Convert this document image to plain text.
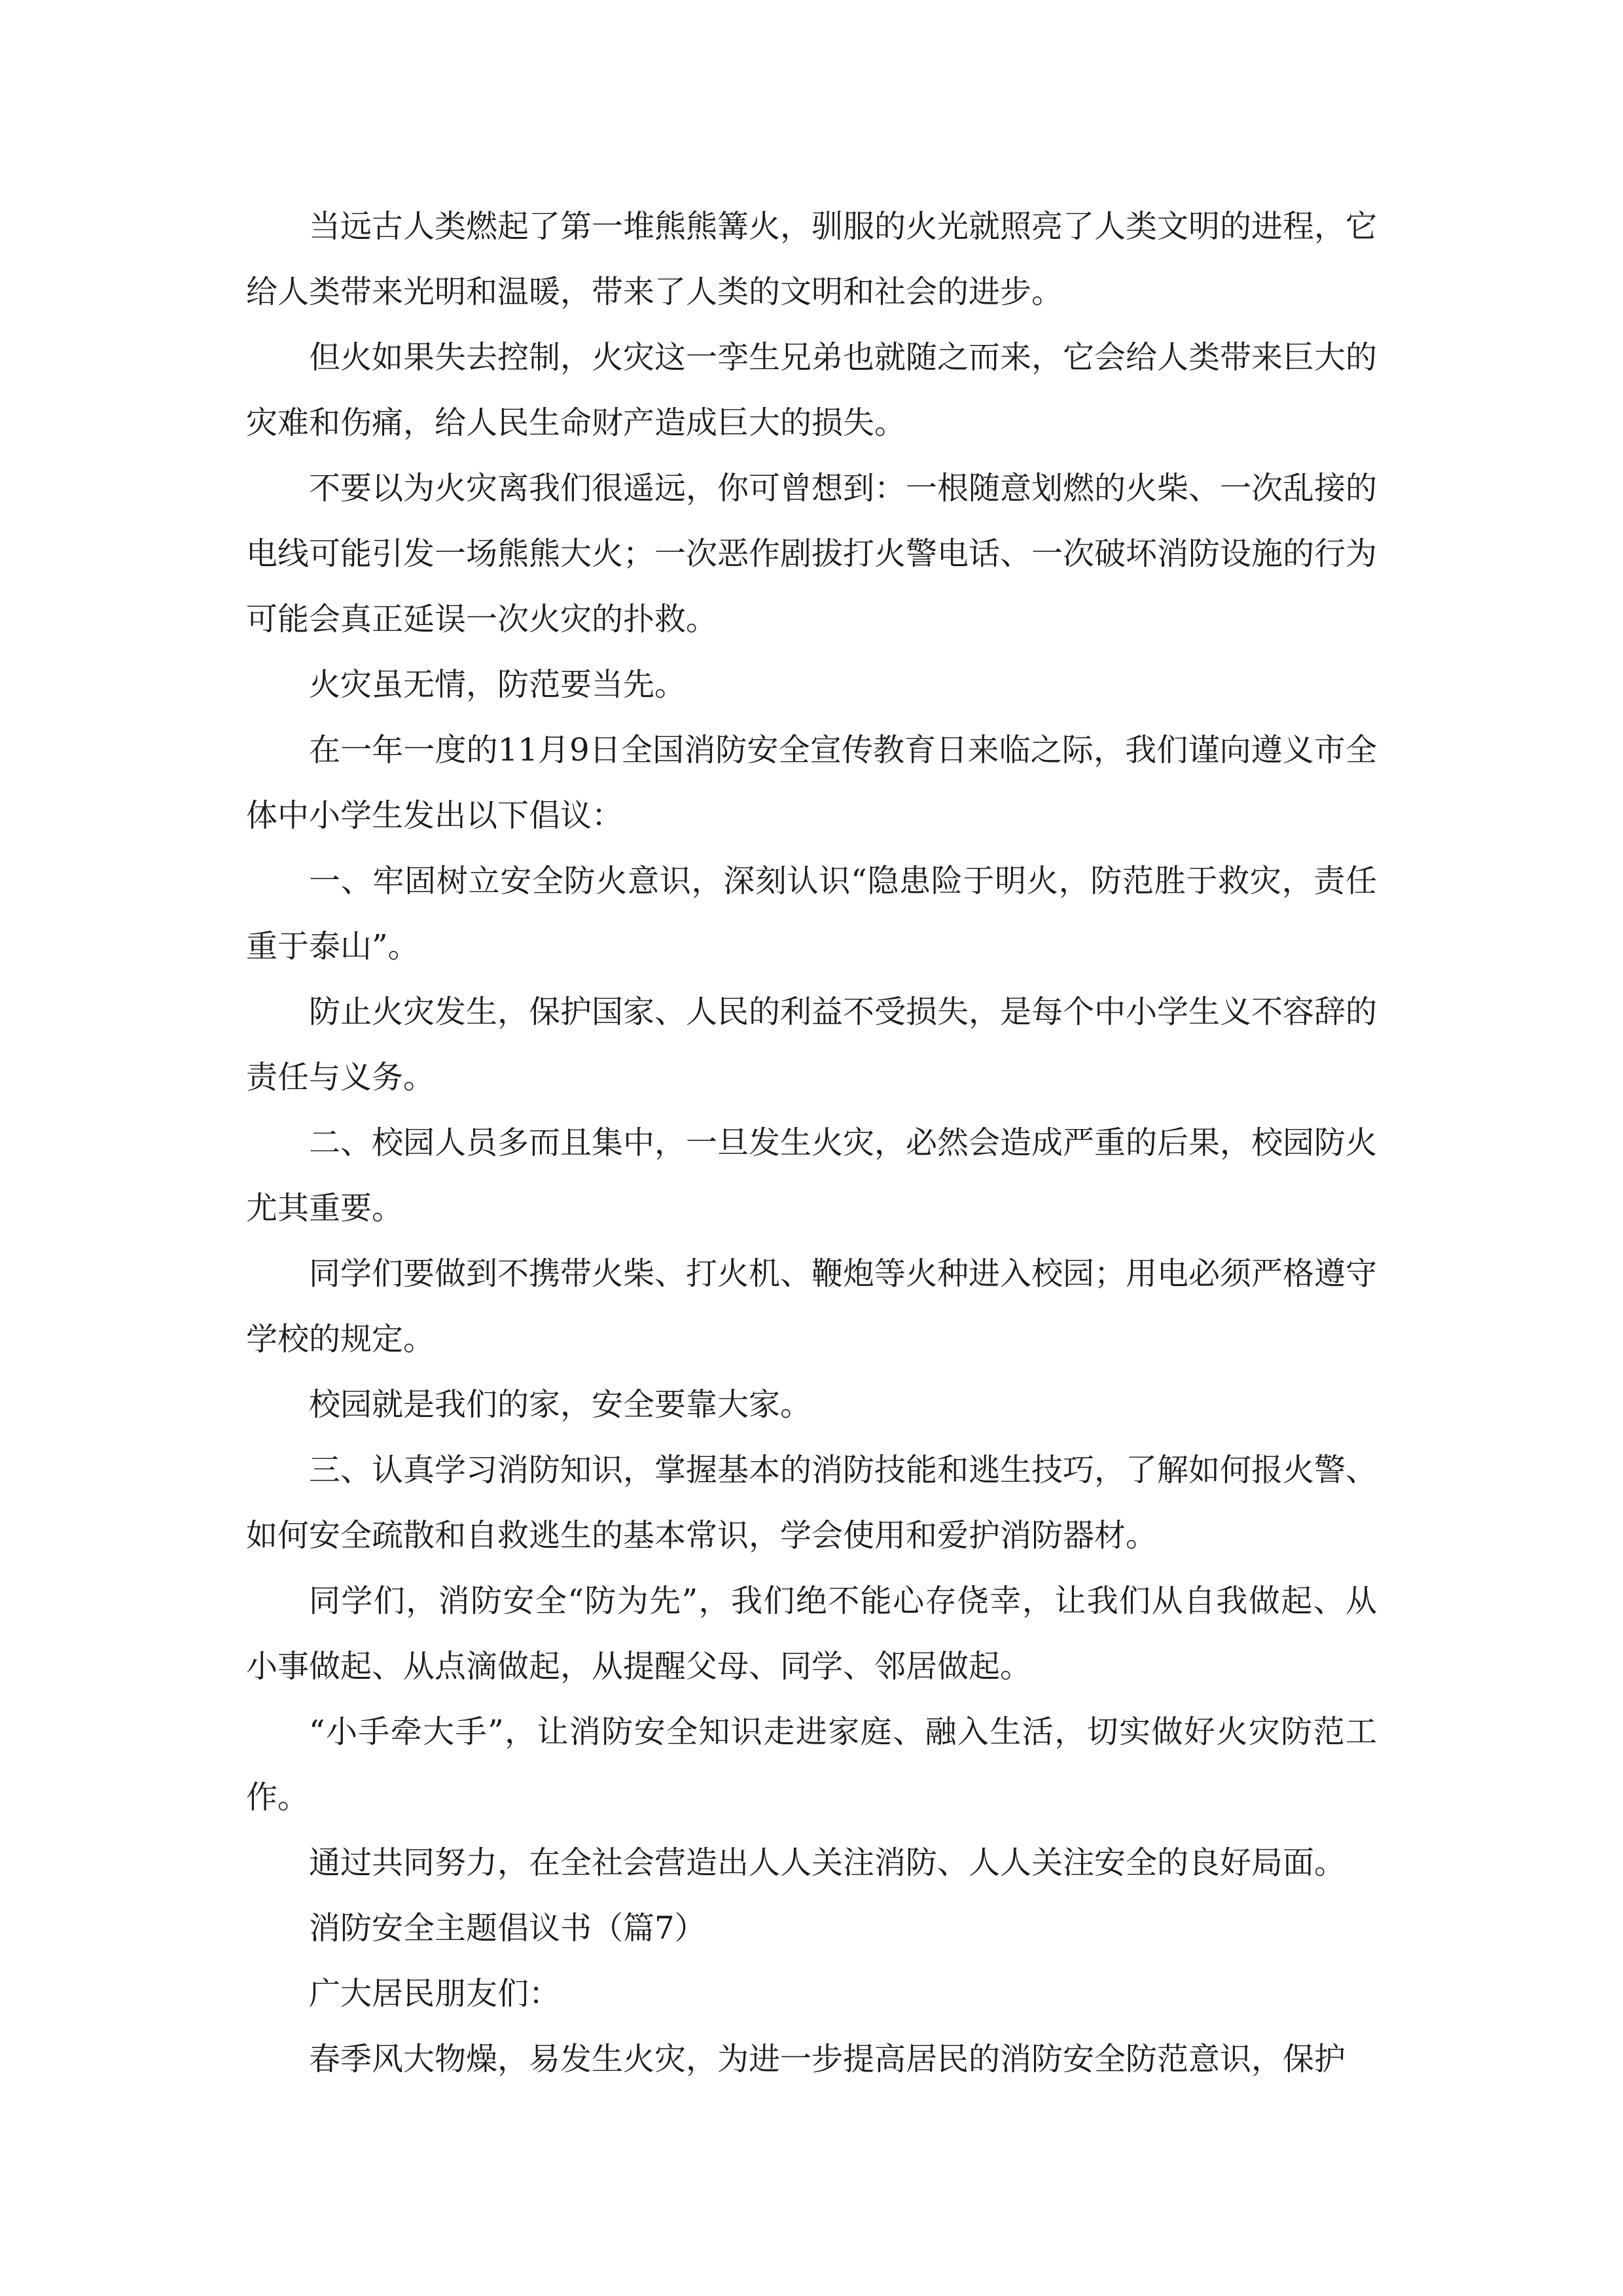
当远古人类燃起了第一堆熊熊篝火，驯服的火光就照亮了人类文明的进程，它给人类带来光明和温暖，带来了人类的文明和社会的进步。

但火如果失去控制，火灾这一孪生兄弟也就随之而来，它会给人类带来巨大的灾难和伤痛，给人民生命财产造成巨大的损失。

不要以为火灾离我们很遥远，你可曾想到：一根随意划燃的火柴、一次乱接的电线可能引发一场熊熊大火；一次恶作剧拔打火警电话、一次破坏消防设施的行为可能会真正延误一次火灾的扑救。

火灾虽无情，防范要当先。

在一年一度的11月9日全国消防安全宣传教育日来临之际，我们谨向遵义市全体中小学生发出以下倡议：

一、牢固树立安全防火意识，深刻认识“隐患险于明火，防范胜于救灾，责任重于泰山”。

防止火灾发生，保护国家、人民的利益不受损失，是每个中小学生义不容辞的责任与义务。

二、校园人员多而且集中，一旦发生火灾，必然会造成严重的后果，校园防火尤其重要。

同学们要做到不携带火柴、打火机、鞭炮等火种进入校园；用电必须严格遵守学校的规定。

校园就是我们的家，安全要靠大家。

三、认真学习消防知识，掌握基本的消防技能和逃生技巧，了解如何报火警、如何安全疏散和自救逃生的基本常识，学会使用和爱护消防器材。

同学们，消防安全“防为先”，我们绝不能心存侥幸，让我们从自我做起、从小事做起、从点滴做起，从提醒父母、同学、邻居做起。

“小手牵大手”，让消防安全知识走进家庭、融入生活，切实做好火灾防范工作。

通过共同努力，在全社会营造出人人关注消防、人人关注安全的良好局面。

消防安全主题倡议书（篇7）

广大居民朋友们：

春季风大物燥，易发生火灾，为进一步提高居民的消防安全防范意识，保护
